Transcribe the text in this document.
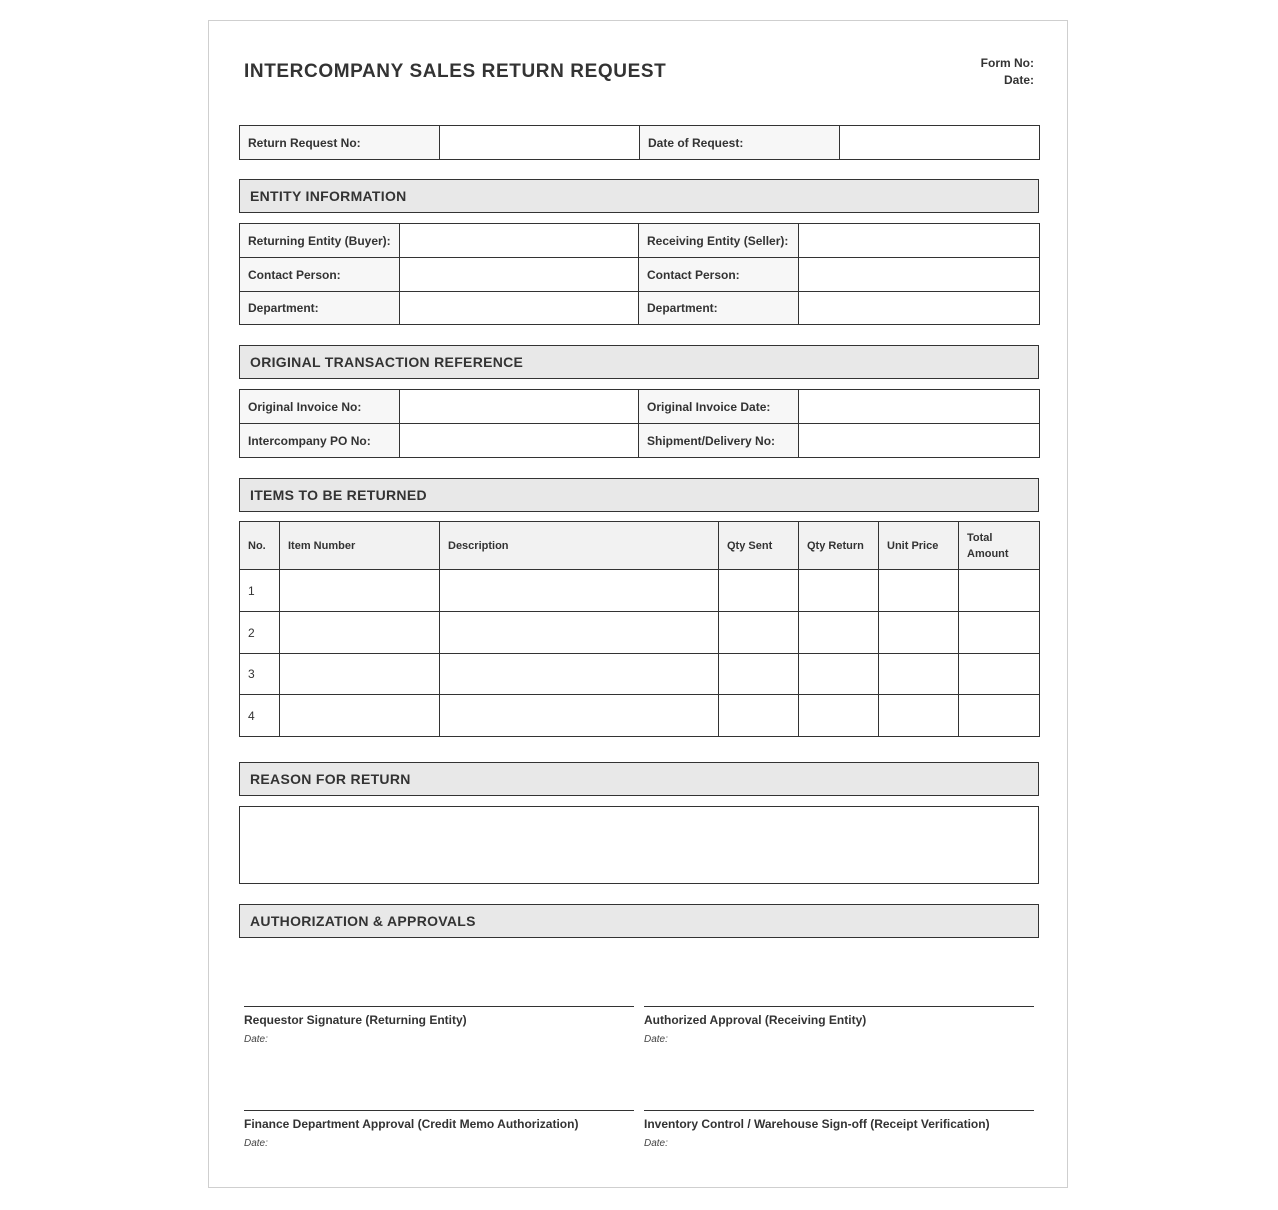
INTERCOMPANY SALES RETURN REQUEST	Form No:
Date:
Return Request No:		Date of Request:	
ENTITY INFORMATION
Returning Entity (Buyer):		Receiving Entity (Seller):	
Contact Person:		Contact Person:	
Department:		Department:	
ORIGINAL TRANSACTION REFERENCE
Original Invoice No:		Original Invoice Date:	
Intercompany PO No:		Shipment/Delivery No:	
ITEMS TO BE RETURNED
No.	Item Number	Description	Qty Sent	Qty Return	Unit Price	Total Amount
1						
2						
3						
4						
REASON FOR RETURN
AUTHORIZATION & APPROVALS
Requestor Signature (Returning Entity)
Date:
Authorized Approval (Receiving Entity)
Date:
Finance Department Approval (Credit Memo Authorization)
Date:
Inventory Control / Warehouse Sign-off (Receipt Verification)
Date:
